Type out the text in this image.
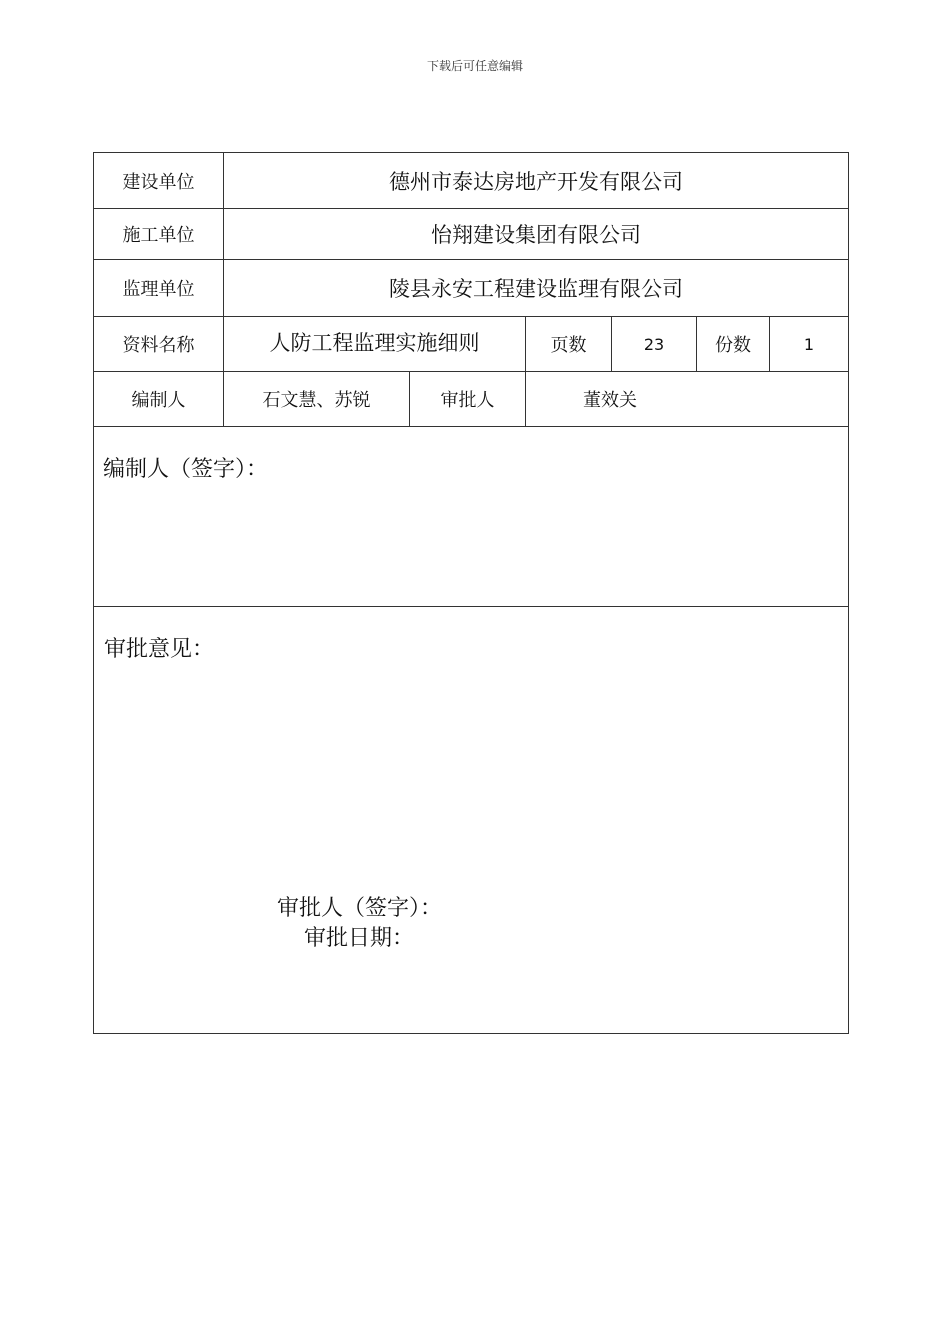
下载后可任意编辑
建设单位	德州市泰达房地产开发有限公司
施工单位	怡翔建设集团有限公司
监理单位	陵县永安工程建设监理有限公司
资料名称	人防工程监理实施细则	页数	23	份数	1
编制人	石文慧、苏锐	审批人	董效关
编制人（签字）：
审批意见：
审批人（签字）：
审批日期：
